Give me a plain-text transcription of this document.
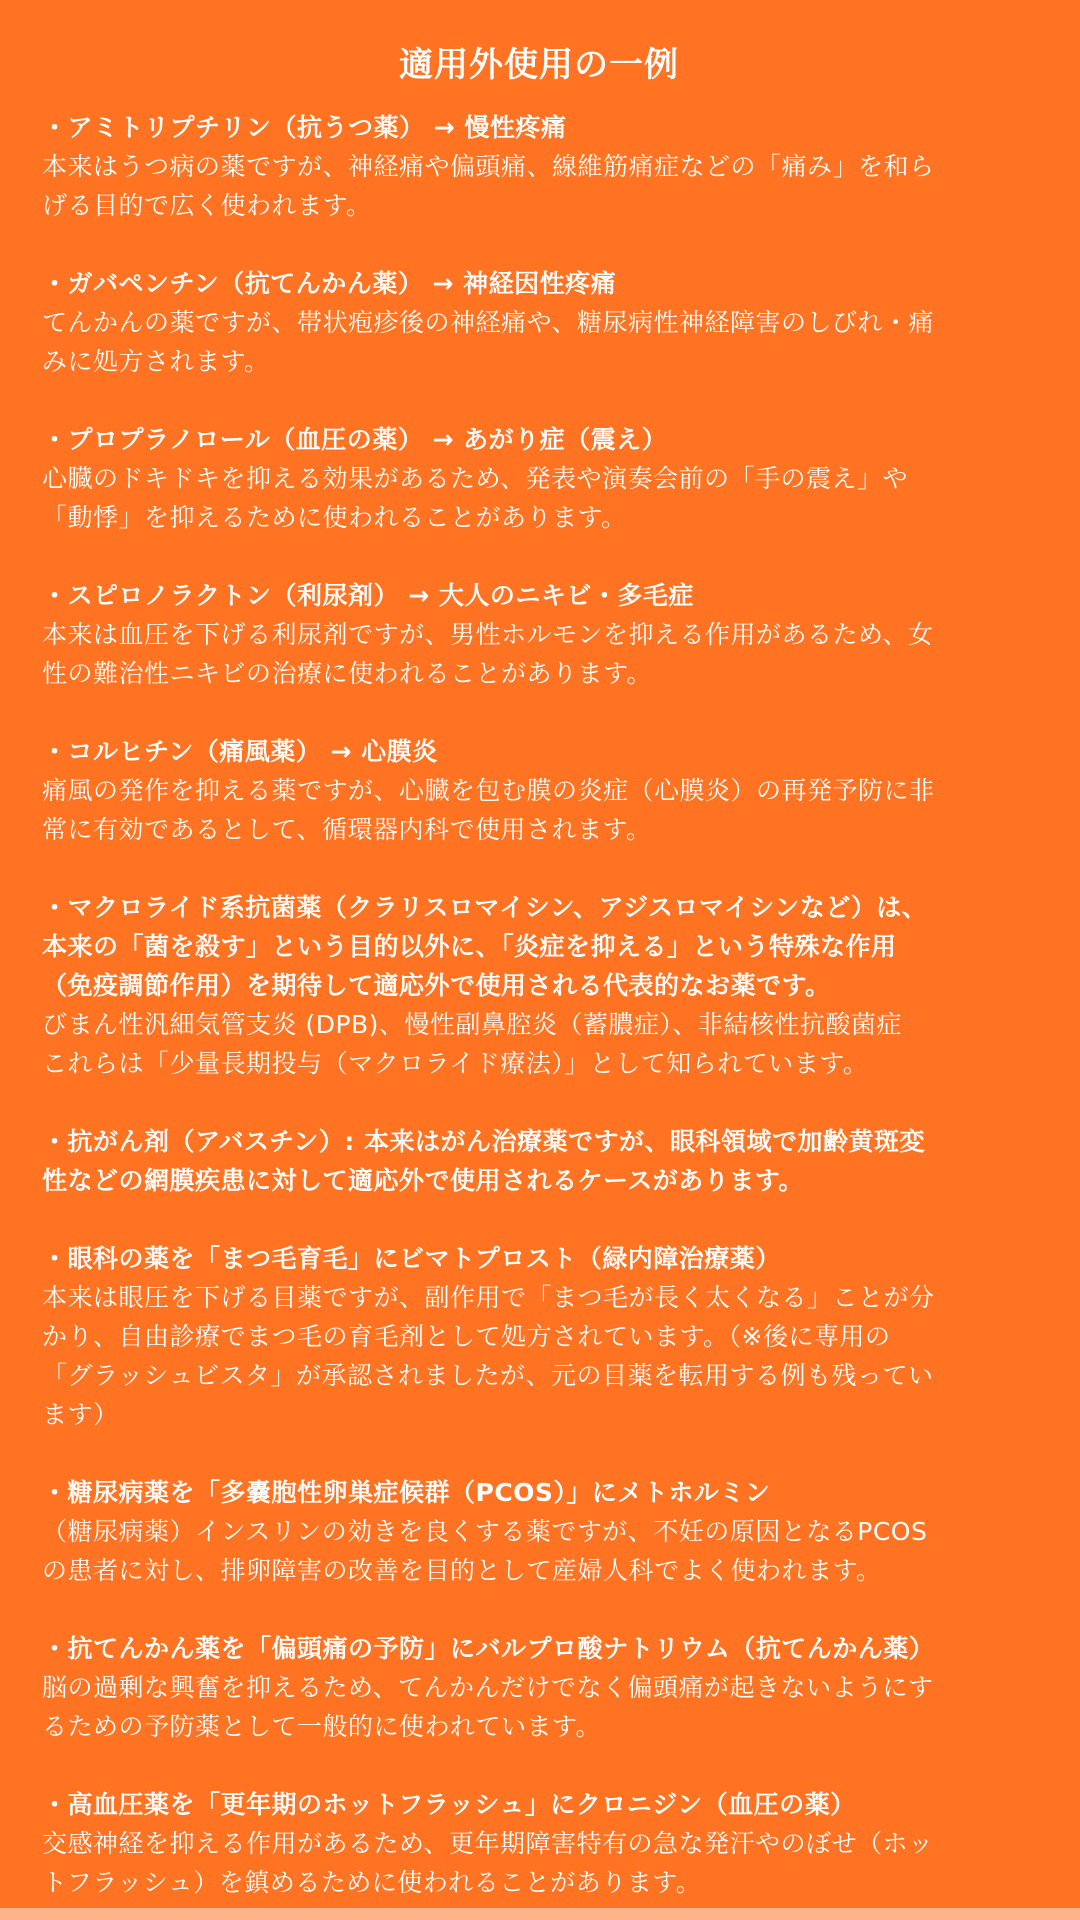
適用外使用の一例
・アミトリプチリン（抗うつ薬） → 慢性疼痛
本来はうつ病の薬ですが、神経痛や偏頭痛、線維筋痛症などの「痛み」を和ら
げる目的で広く使われます。
・ガバペンチン（抗てんかん薬） → 神経因性疼痛
てんかんの薬ですが、帯状疱疹後の神経痛や、糖尿病性神経障害のしびれ・痛
みに処方されます。
・プロプラノロール（血圧の薬） → あがり症（震え）
心臓のドキドキを抑える効果があるため、発表や演奏会前の「手の震え」や
「動悸」を抑えるために使われることがあります。
・スピロノラクトン（利尿剤） → 大人のニキビ・多毛症
本来は血圧を下げる利尿剤ですが、男性ホルモンを抑える作用があるため、女
性の難治性ニキビの治療に使われることがあります。
・コルヒチン（痛風薬） → 心膜炎
痛風の発作を抑える薬ですが、心臓を包む膜の炎症（心膜炎）の再発予防に非
常に有効であるとして、循環器内科で使用されます。
・マクロライド系抗菌薬（クラリスロマイシン、アジスロマイシンなど）は、
本来の「菌を殺す」という目的以外に、「炎症を抑える」という特殊な作用
（免疫調節作用）を期待して適応外で使用される代表的なお薬です。
びまん性汎細気管支炎 (DPB)、慢性副鼻腔炎（蓄膿症）、非結核性抗酸菌症
これらは「少量長期投与（マクロライド療法）」として知られています。
・抗がん剤（アバスチン）: 本来はがん治療薬ですが、眼科領域で加齢黄斑変
性などの網膜疾患に対して適応外で使用されるケースがあります。
・眼科の薬を「まつ毛育毛」にビマトプロスト（緑内障治療薬）
本来は眼圧を下げる目薬ですが、副作用で「まつ毛が長く太くなる」ことが分
かり、自由診療でまつ毛の育毛剤として処方されています。（※後に専用の
「グラッシュビスタ」が承認されましたが、元の目薬を転用する例も残ってい
ます）
・糖尿病薬を「多嚢胞性卵巣症候群（PCOS）」にメトホルミン
（糖尿病薬）インスリンの効きを良くする薬ですが、不妊の原因となるPCOS
の患者に対し、排卵障害の改善を目的として産婦人科でよく使われます。
・抗てんかん薬を「偏頭痛の予防」にバルプロ酸ナトリウム（抗てんかん薬）
脳の過剰な興奮を抑えるため、てんかんだけでなく偏頭痛が起きないようにす
るための予防薬として一般的に使われています。
・高血圧薬を「更年期のホットフラッシュ」にクロニジン（血圧の薬）
交感神経を抑える作用があるため、更年期障害特有の急な発汗やのぼせ（ホッ
トフラッシュ）を鎮めるために使われることがあります。
